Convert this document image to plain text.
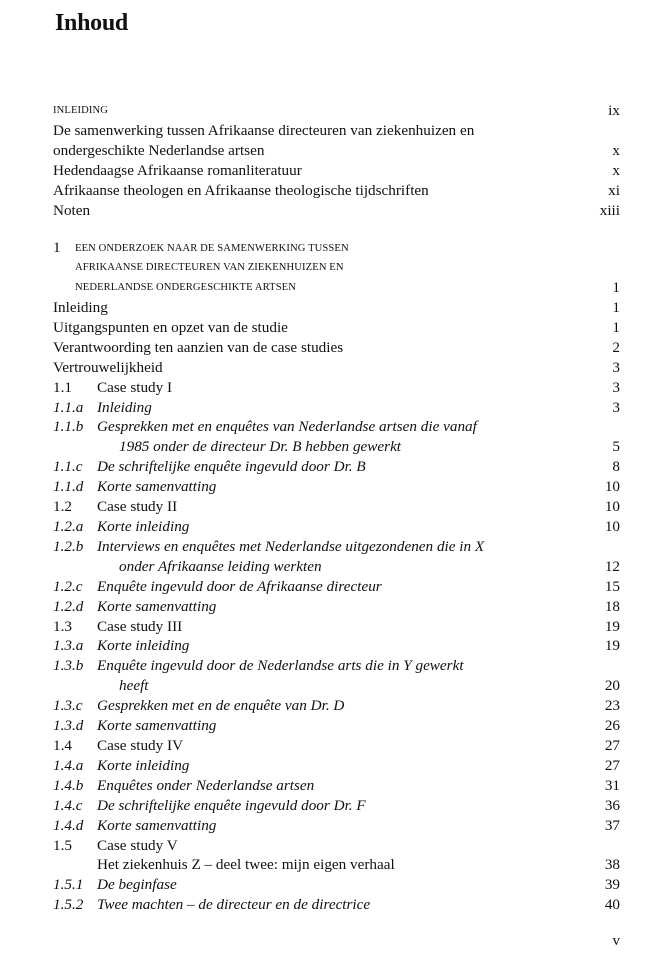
Inhoud
INLEIDING	ix
De samenwerking tussen Afrikaanse directeuren van ziekenhuizen en
ondergeschikte Nederlandse artsen	x
Hedendaagse Afrikaanse romanliteratuur	x
Afrikaanse theologen en Afrikaanse theologische tijdschriften	xi
Noten	xiii
1	EEN ONDERZOEK NAAR DE SAMENWERKING TUSSEN
AFRIKAANSE DIRECTEUREN VAN ZIEKENHUIZEN EN
NEDERLANDSE ONDERGESCHIKTE ARTSEN	1
Inleiding	1
Uitgangspunten en opzet van de studie	1
Verantwoording ten aanzien van de case studies	2
Vertrouwelijkheid	3
1.1	Case study I	3
1.1.a Inleiding	3
1.1.b Gesprekken met en enquêtes van Nederlandse artsen die vanaf
1985 onder de directeur Dr. B hebben gewerkt	5
1.1.c De schriftelijke enquête ingevuld door Dr. B	8
1.1.d Korte samenvatting	10
1.2	Case study II	10
1.2.a Korte inleiding	10
1.2.b Interviews en enquêtes met Nederlandse uitgezondenen die in X
onder Afrikaanse leiding werkten	12
1.2.c Enquête ingevuld door de Afrikaanse directeur	15
1.2.d Korte samenvatting	18
1.3	Case study III	19
1.3.a Korte inleiding	19
1.3.b Enquête ingevuld door de Nederlandse arts die in Y gewerkt
heeft	20
1.3.c Gesprekken met en de enquête van Dr. D	23
1.3.d Korte samenvatting	26
1.4	Case study IV	27
1.4.a Korte inleiding	27
1.4.b Enquêtes onder Nederlandse artsen	31
1.4.c De schriftelijke enquête ingevuld door Dr. F	36
1.4.d Korte samenvatting	37
1.5	Case study V
Het ziekenhuis Z – deel twee: mijn eigen verhaal	38
1.5.1 De beginfase	39
1.5.2 Twee machten – de directeur en de directrice	40
v
